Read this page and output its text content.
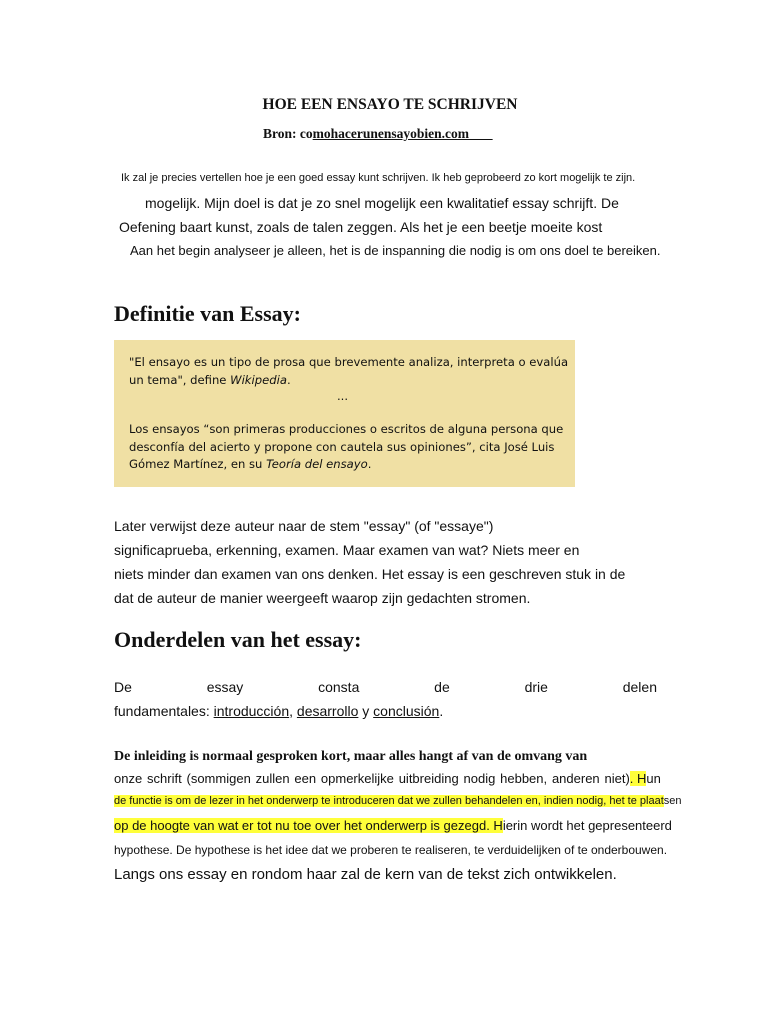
HOE EEN ENSAYO TE SCHRIJVEN
Bron: comohacerunensayobien.com
Ik zal je precies vertellen hoe je een goed essay kunt schrijven. Ik heb geprobeerd zo kort mogelijk te zijn.
mogelijk. Mijn doel is dat je zo snel mogelijk een kwalitatief essay schrijft. De
Oefening baart kunst, zoals de talen zeggen. Als het je een beetje moeite kost
Aan het begin analyseer je alleen, het is de inspanning die nodig is om ons doel te bereiken.
Definitie van Essay:
"El ensayo es un tipo de prosa que brevemente analiza, interpreta o evalúa
un tema", define Wikipedia.
...
Los ensayos “son primeras producciones o escritos de alguna persona que
desconfía del acierto y propone con cautela sus opiniones”, cita José Luis
Gómez Martínez, en su Teoría del ensayo.
Later verwijst deze auteur naar de stem "essay" (of "essaye")
significaprueba, erkenning, examen. Maar examen van wat? Niets meer en
niets minder dan examen van ons denken. Het essay is een geschreven stuk in de
dat de auteur de manier weergeeft waarop zijn gedachten stromen.
Onderdelen van het essay:
De	essay	consta	de	drie	delen
fundamentales: introducción, desarrollo y conclusión.
De inleiding is normaal gesproken kort, maar alles hangt af van de omvang van
onze schrift (sommigen zullen een opmerkelijke uitbreiding nodig hebben, anderen niet). Hun
de functie is om de lezer in het onderwerp te introduceren dat we zullen behandelen en, indien nodig, het te plaatsen
op de hoogte van wat er tot nu toe over het onderwerp is gezegd. Hierin wordt het gepresenteerd
hypothese. De hypothese is het idee dat we proberen te realiseren, te verduidelijken of te onderbouwen.
Langs ons essay en rondom haar zal de kern van de tekst zich ontwikkelen.
